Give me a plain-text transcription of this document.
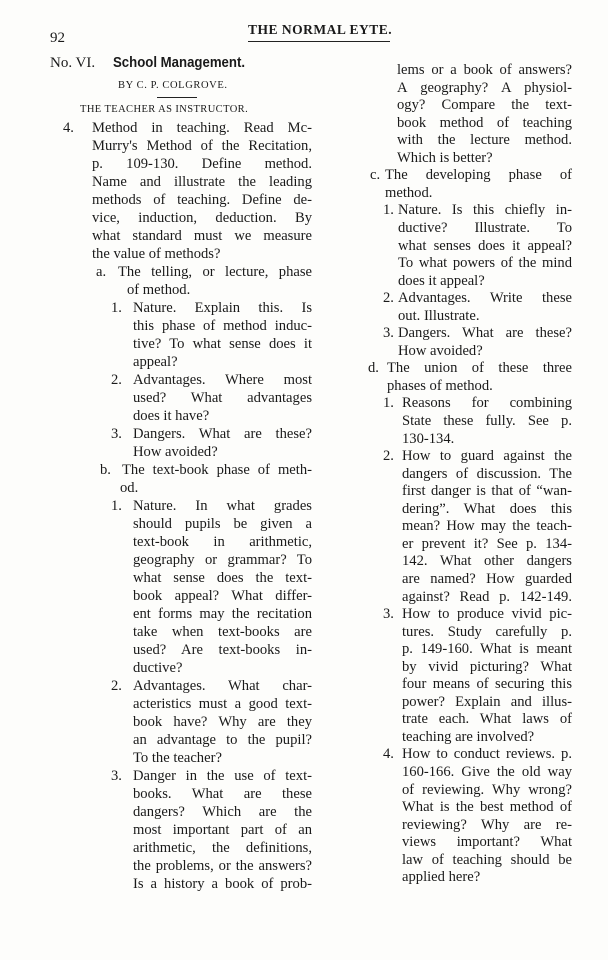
92
THE NORMAL EYTE.
No. VI. School Management.
BY C. P. COLGROVE.
THE TEACHER AS INSTRUCTOR.
4. Method in teaching. Read Mc-
Murry's Method of the Recitation,
p. 109-130. Define method.
Name and illustrate the leading
methods of teaching. Define de-
vice, induction, deduction. By
what standard must we measure
the value of methods?
a. The telling, or lecture, phase
of method.
1. Nature. Explain this. Is
this phase of method induc-
tive? To what sense does it
appeal?
2. Advantages. Where most
used? What advantages
does it have?
3. Dangers. What are these?
How avoided?
b. The text-book phase of meth-
od.
1. Nature. In what grades
should pupils be given a
text-book in arithmetic,
geography or grammar? To
what sense does the text-
book appeal? What differ-
ent forms may the recitation
take when text-books are
used? Are text-books in-
ductive?
2. Advantages. What char-
acteristics must a good text-
book have? Why are they
an advantage to the pupil?
To the teacher?
3. Danger in the use of text-
books. What are these
dangers? Which are the
most important part of an
arithmetic, the definitions,
the problems, or the answers?
Is a history a book of prob-
lems or a book of answers?
A geography? A physiol-
ogy? Compare the text-
book method of teaching
with the lecture method.
Which is better?
c. The developing phase of
method.
1. Nature. Is this chiefly in-
ductive? Illustrate. To
what senses does it appeal?
To what powers of the mind
does it appeal?
2. Advantages. Write these
out. Illustrate.
3. Dangers. What are these?
How avoided?
d. The union of these three
phases of method.
1. Reasons for combining
State these fully. See p.
130-134.
2. How to guard against the
dangers of discussion. The
first danger is that of “wan-
dering”. What does this
mean? How may the teach-
er prevent it? See p. 134-
142. What other dangers
are named? How guarded
against? Read p. 142-149.
3. How to produce vivid pic-
tures. Study carefully p.
p. 149-160. What is meant
by vivid picturing? What
four means of securing this
power? Explain and illus-
trate each. What laws of
teaching are involved?
4. How to conduct reviews. p.
160-166. Give the old way
of reviewing. Why wrong?
What is the best method of
reviewing? Why are re-
views important? What
law of teaching should be
applied here?
